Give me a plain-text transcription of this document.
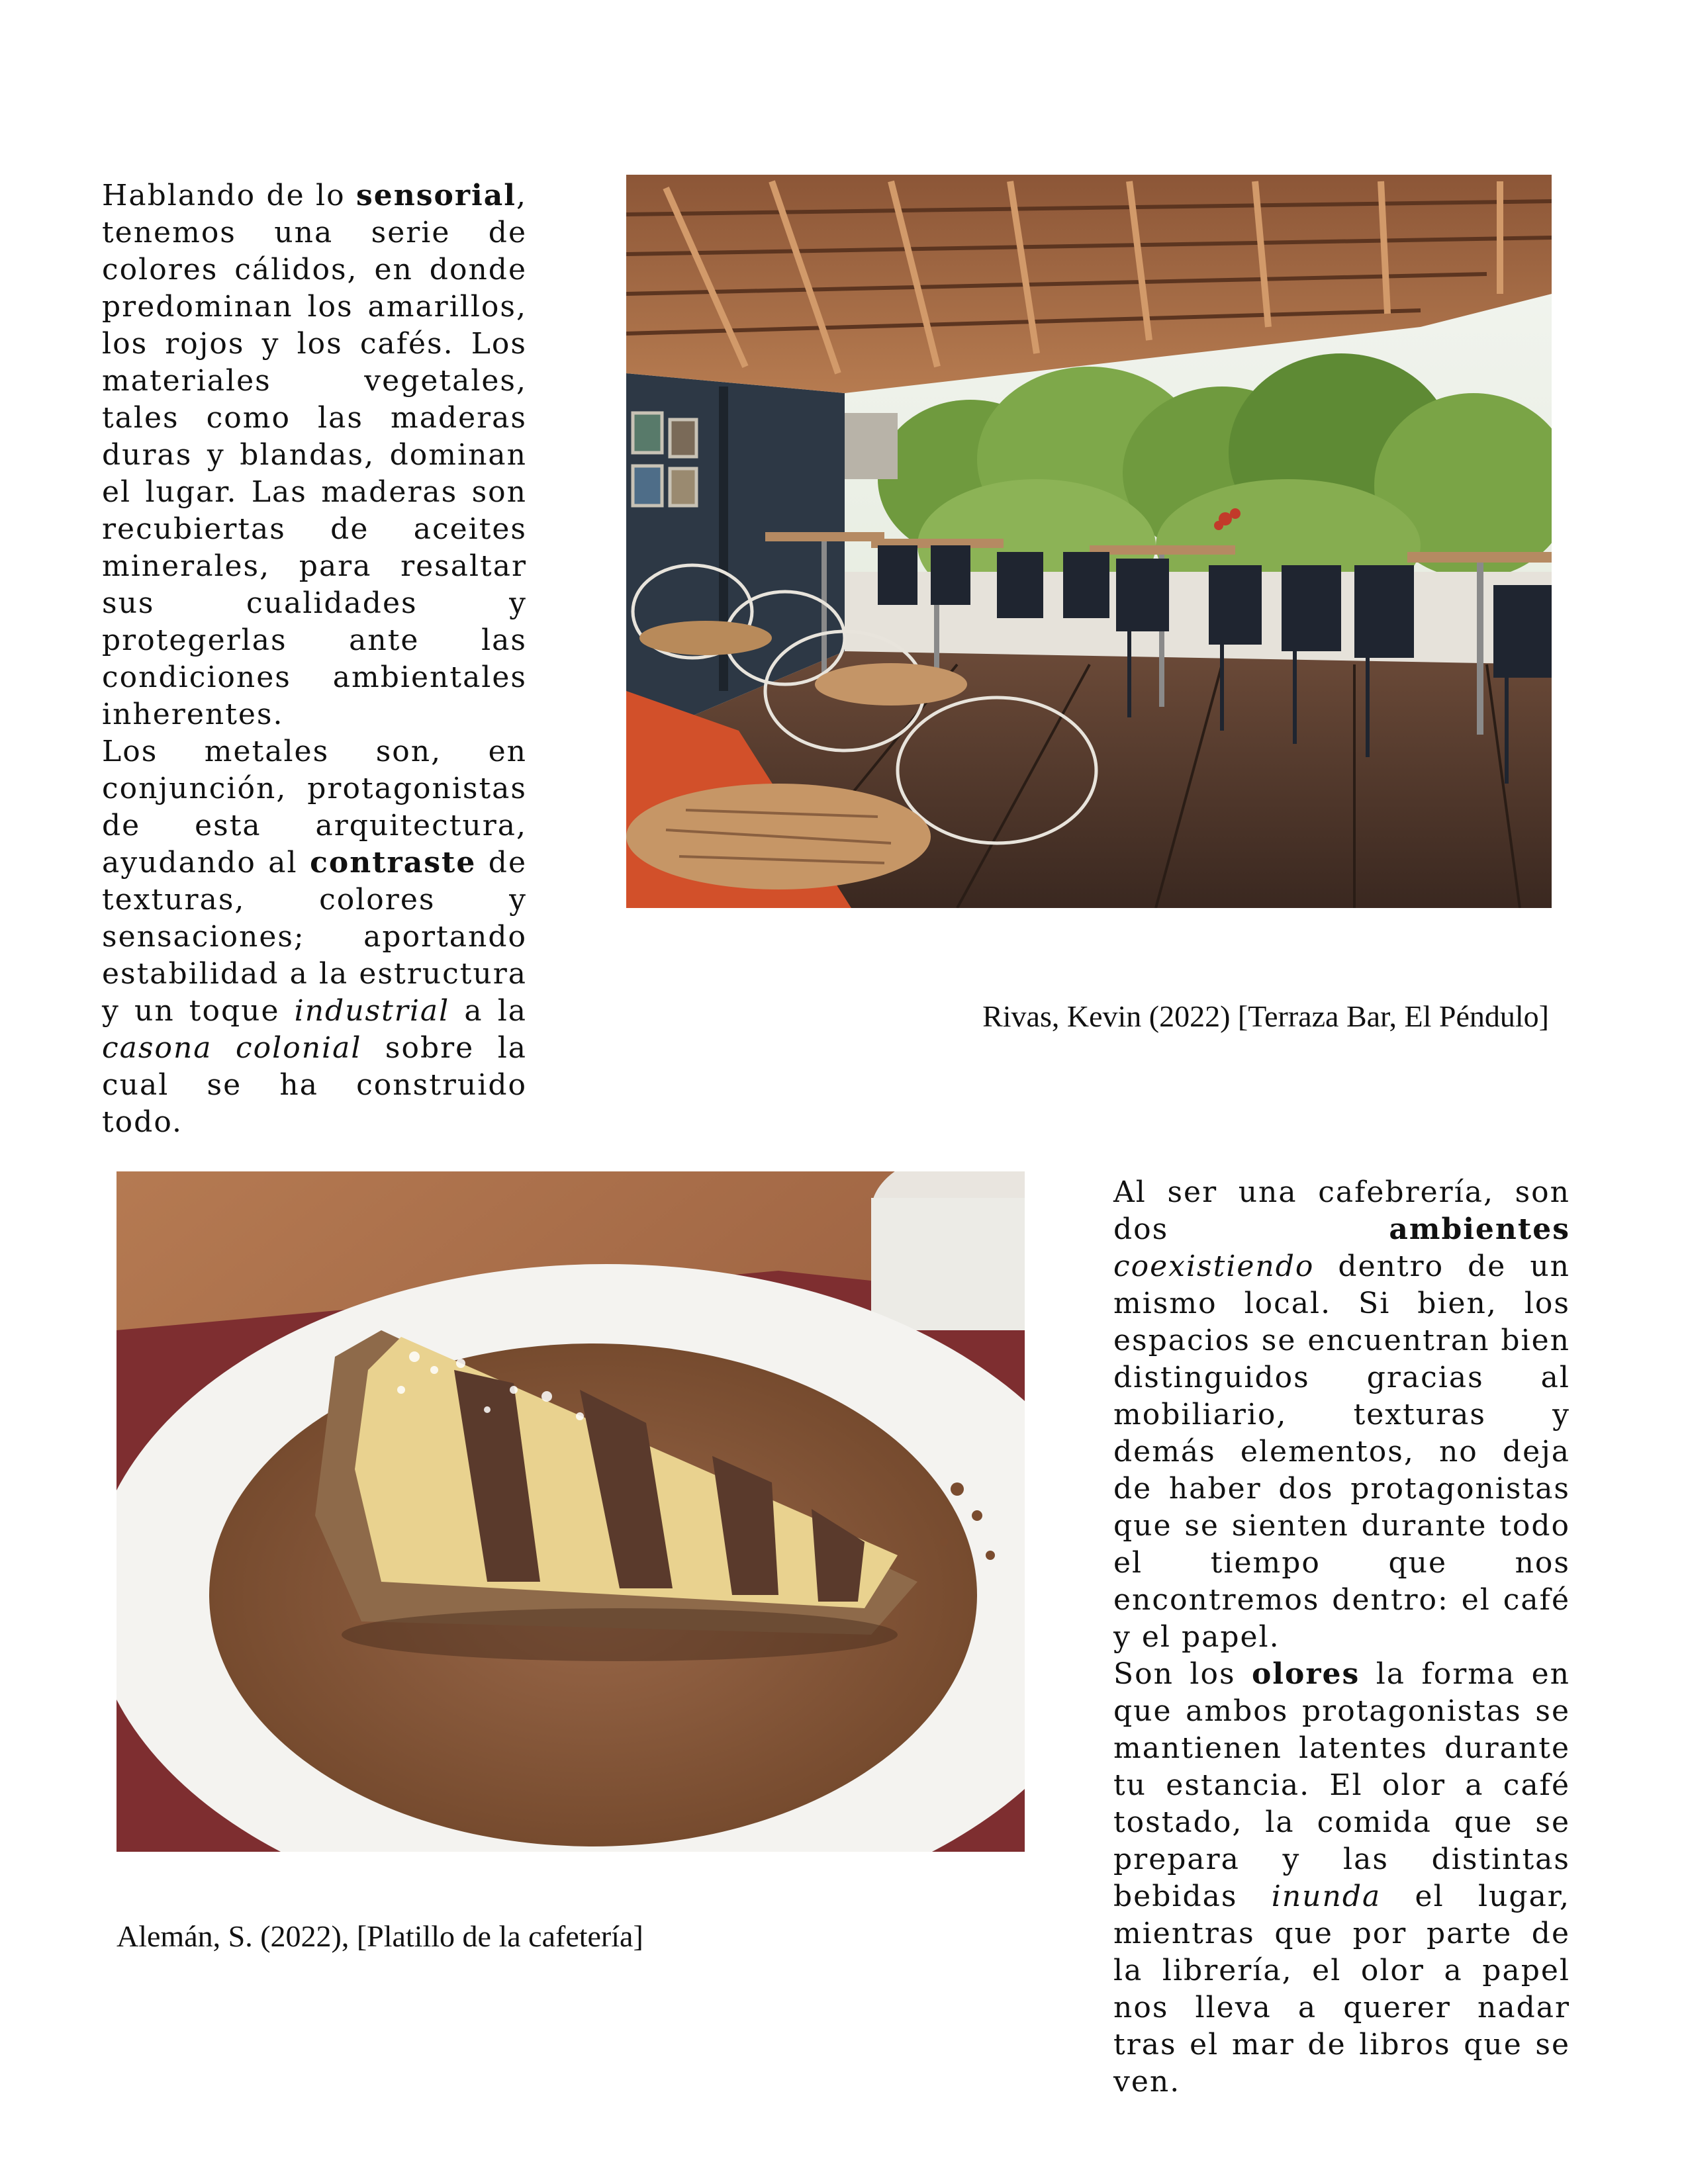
Hablando de lo sensorial, tenemos una serie de colores cálidos, en donde predominan los amarillos, los rojos y los cafés. Los materiales vegetales, tales como las maderas duras y blandas, dominan el lugar. Las maderas son recubiertas de aceites minerales, para resaltar sus cualidades y protegerlas ante las condiciones ambientales inherentes.

Los metales son, en conjunción, protagonistas de esta arquitectura, ayudando al contraste de texturas, colores y sensaciones; aportando estabilidad a la estructura y un toque industrial a la casona colonial sobre la cual se ha construido todo.

Rivas, Kevin (2022) [Terraza Bar, El Péndulo]
Alemán, S. (2022), [Platillo de la cafetería]

Al ser una cafebrería, son dos ambientes coexistiendo dentro de un mismo local. Si bien, los espacios se encuentran bien distinguidos gracias al mobiliario, texturas y demás elementos, no deja de haber dos protagonistas que se sienten durante todo el tiempo que nos encontremos dentro: el café y el papel.

Son los olores la forma en que ambos protagonistas se mantienen latentes durante tu estancia. El olor a café tostado, la comida que se prepara y las distintas bebidas inunda el lugar, mientras que por parte de la librería, el olor a papel nos lleva a querer nadar tras el mar de libros que se ven.
